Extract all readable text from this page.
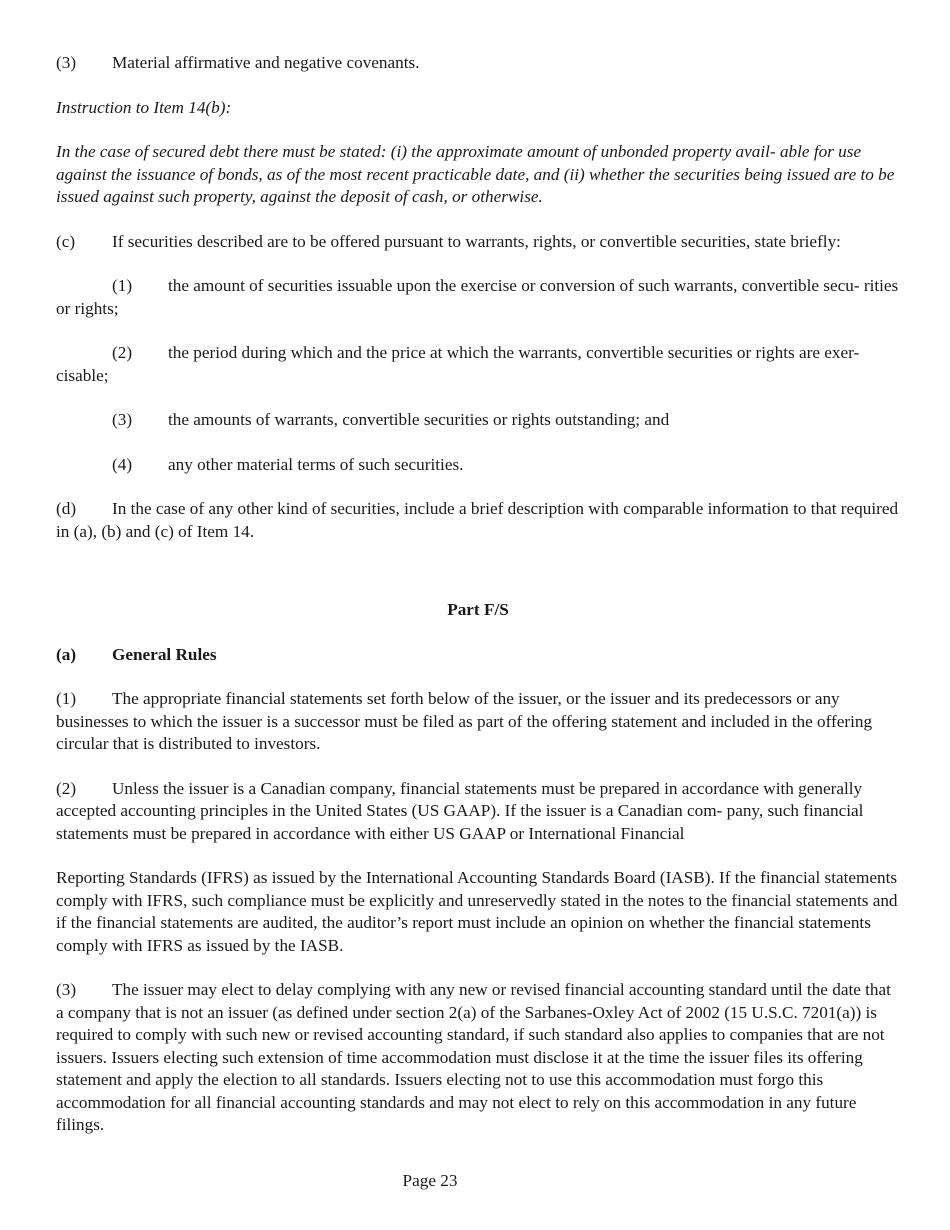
(3) Material affirmative and negative covenants.

Instruction to Item 14(b):

In the case of secured debt there must be stated: (i) the approximate amount of unbonded property avail- able for use against the issuance of bonds, as of the most recent practicable date, and (ii) whether the securities being issued are to be issued against such property, against the deposit of cash, or otherwise.

(c) If securities described are to be offered pursuant to warrants, rights, or convertible securities, state briefly:

(1) the amount of securities issuable upon the exercise or conversion of such warrants, convertible secu- rities or rights;

(2) the period during which and the price at which the warrants, convertible securities or rights are exer- cisable;

(3) the amounts of warrants, convertible securities or rights outstanding; and

(4) any other material terms of such securities.

(d) In the case of any other kind of securities, include a brief description with comparable information to that required in (a), (b) and (c) of Item 14.

Part F/S

(a) General Rules

(1) The appropriate financial statements set forth below of the issuer, or the issuer and its predecessors or any businesses to which the issuer is a successor must be filed as part of the offering statement and included in the offering circular that is distributed to investors.

(2) Unless the issuer is a Canadian company, financial statements must be prepared in accordance with generally accepted accounting principles in the United States (US GAAP). If the issuer is a Canadian com- pany, such financial statements must be prepared in accordance with either US GAAP or International Financial

Reporting Standards (IFRS) as issued by the International Accounting Standards Board (IASB). If the financial statements comply with IFRS, such compliance must be explicitly and unreservedly stated in the notes to the financial statements and if the financial statements are audited, the auditor’s report must include an opinion on whether the financial statements comply with IFRS as issued by the IASB.

(3) The issuer may elect to delay complying with any new or revised financial accounting standard until the date that a company that is not an issuer (as defined under section 2(a) of the Sarbanes-Oxley Act of 2002 (15 U.S.C. 7201(a)) is required to comply with such new or revised accounting standard, if such standard also applies to companies that are not issuers. Issuers electing such extension of time accommodation must disclose it at the time the issuer files its offering statement and apply the election to all standards. Issuers electing not to use this accommodation must forgo this accommodation for all financial accounting standards and may not elect to rely on this accommodation in any future filings.

Page 23
